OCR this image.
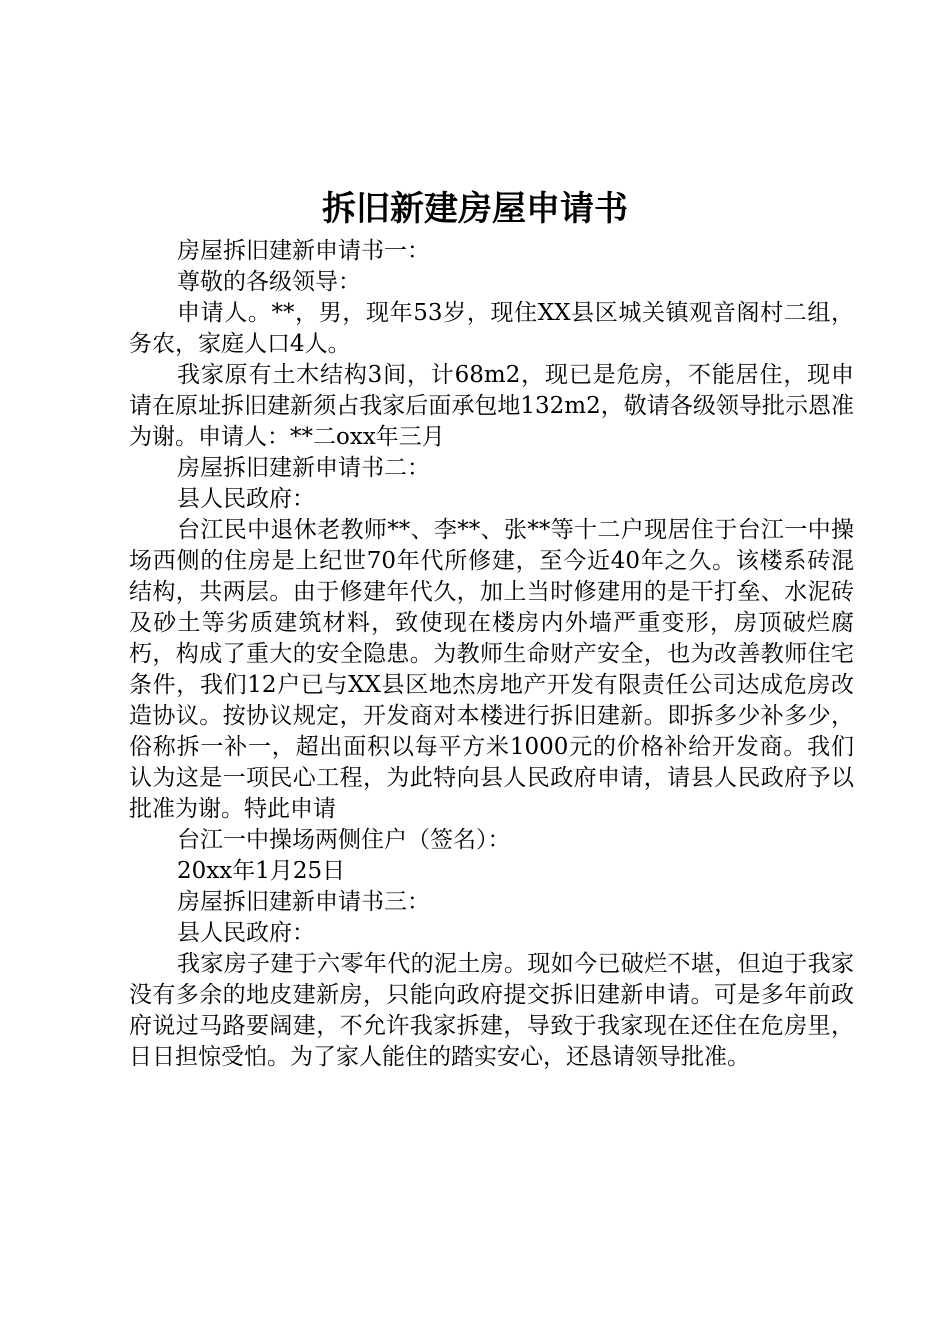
拆旧新建房屋申请书

房屋拆旧建新申请书一：

尊敬的各级领导：

申请人。**，男，现年53岁，现住XX县区城关镇观音阁村二组，务农，家庭人口4人。

我家原有土木结构3间，计68m2，现已是危房，不能居住，现申请在原址拆旧建新须占我家后面承包地132m2，敬请各级领导批示恩准为谢。申请人：**二oxx年三月

房屋拆旧建新申请书二：

县人民政府：

台江民中退休老教师**、李**、张**等十二户现居住于台江一中操场西侧的住房是上纪世70年代所修建，至今近40年之久。该楼系砖混结构，共两层。由于修建年代久，加上当时修建用的是干打垒、水泥砖及砂土等劣质建筑材料，致使现在楼房内外墙严重变形，房顶破烂腐朽，构成了重大的安全隐患。为教师生命财产安全，也为改善教师住宅条件，我们12户已与XX县区地杰房地产开发有限责任公司达成危房改造协议。按协议规定，开发商对本楼进行拆旧建新。即拆多少补多少，俗称拆一补一，超出面积以每平方米1000元的价格补给开发商。我们认为这是一项民心工程，为此特向县人民政府申请，请县人民政府予以批准为谢。特此申请

台江一中操场两侧住户（签名）：

20xx年1月25日

房屋拆旧建新申请书三：

县人民政府：

我家房子建于六零年代的泥土房。现如今已破烂不堪，但迫于我家没有多余的地皮建新房，只能向政府提交拆旧建新申请。可是多年前政府说过马路要阔建，不允许我家拆建，导致于我家现在还住在危房里，日日担惊受怕。为了家人能住的踏实安心，还恳请领导批准。
